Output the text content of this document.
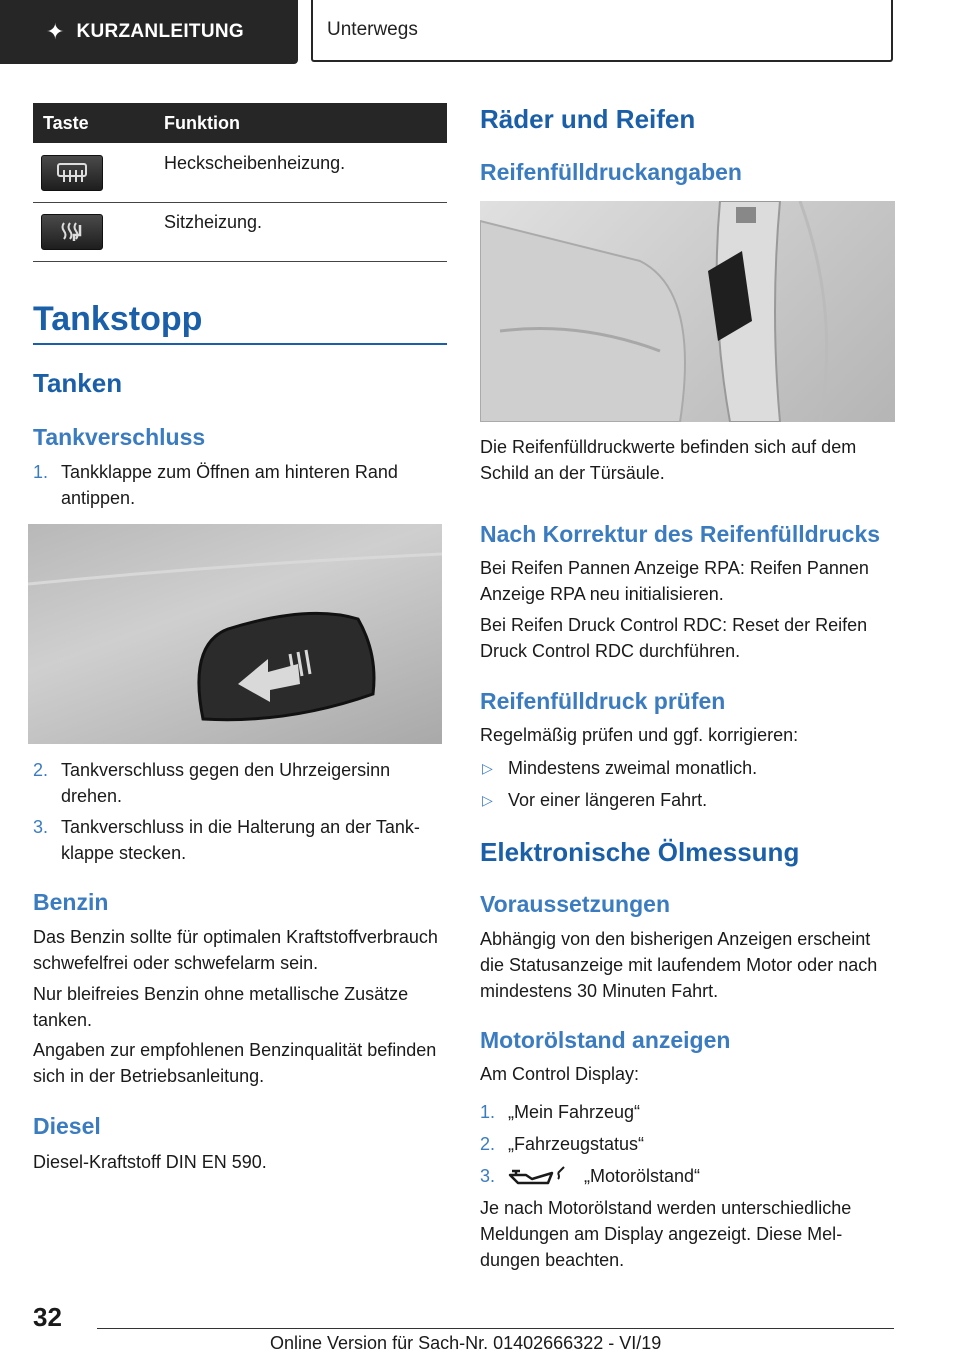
✦ KURZANLEITUNG	Unterwegs
Taste	Funktion
Heckscheibenheizung.
Sitzheizung.
Tankstopp
Tanken
Tankverschluss
1. Tankklappe zum Öffnen am hinteren Rand antippen.
2. Tankverschluss gegen den Uhrzeigersinn drehen.
3. Tankverschluss in die Halterung an der Tankklappe stecken.
Benzin

Das Benzin sollte für optimalen Kraftstoffverbrauch schwefelfrei oder schwefelarm sein.

Nur bleifreies Benzin ohne metallische Zusätze tanken.

Angaben zur empfohlenen Benzinqualität befinden sich in der Betriebsanleitung.

Diesel

Diesel-Kraftstoff DIN EN 590.

Räder und Reifen
Reifenfülldruckangaben

Die Reifenfülldruckwerte befinden sich auf dem Schild an der Türsäule.

Nach Korrektur des Reifenfülldrucks

Bei Reifen Pannen Anzeige RPA: Reifen Pannen Anzeige RPA neu initialisieren.

Bei Reifen Druck Control RDC: Reset der Reifen Druck Control RDC durchführen.

Reifenfülldruck prüfen

Regelmäßig prüfen und ggf. korrigieren:

▷ Mindestens zweimal monatlich.
▷ Vor einer längeren Fahrt.
Elektronische Ölmessung
Voraussetzungen

Abhängig von den bisherigen Anzeigen erscheint die Statusanzeige mit laufendem Motor oder nach mindestens 30 Minuten Fahrt.

Motorölstand anzeigen

Am Control Display:

1. „Mein Fahrzeug“
2. „Fahrzeugstatus“
3.	„Motorölstand“

Je nach Motorölstand werden unterschiedliche Meldungen am Display angezeigt. Diese Meldungen beachten.

32
Online Version für Sach-Nr. 01402666322 - VI/19
